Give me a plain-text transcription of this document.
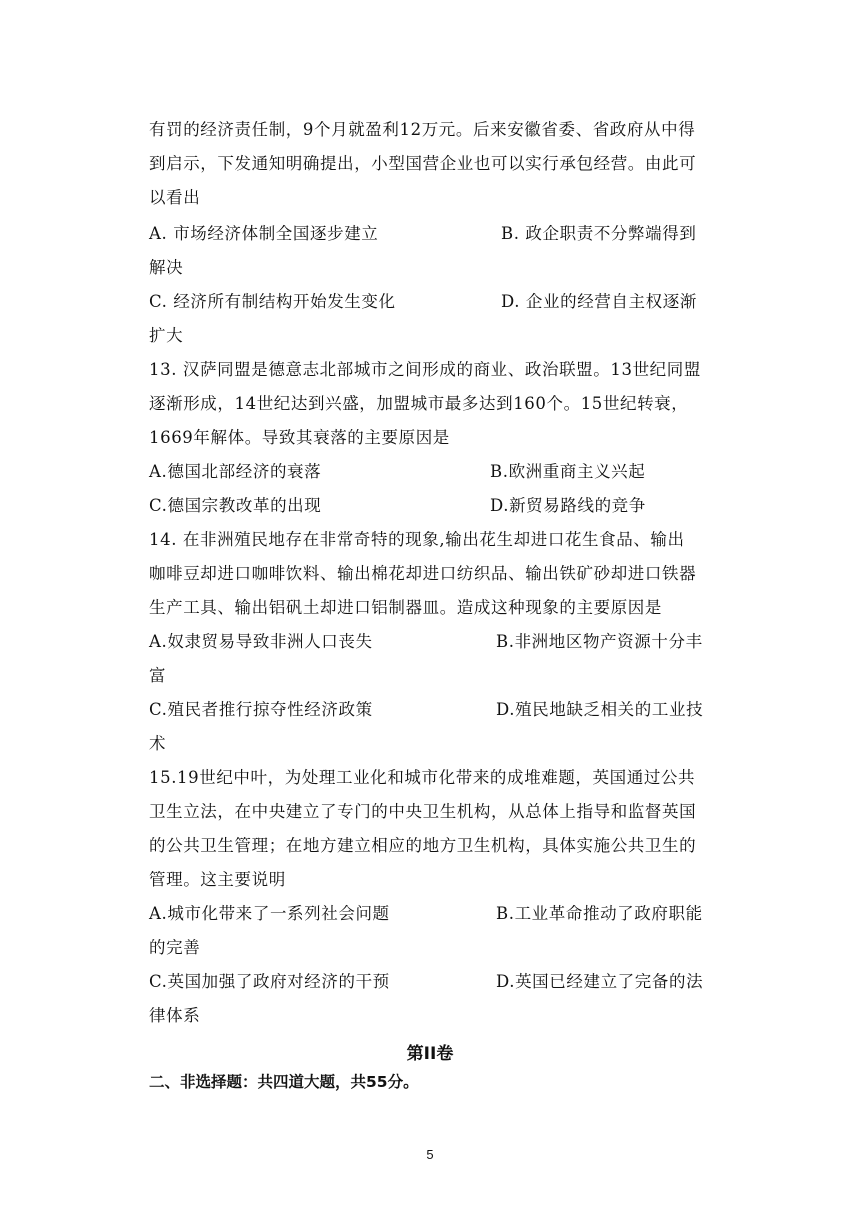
有罚的经济责任制，9个月就盈利12万元。后来安徽省委、省政府从中得
到启示，下发通知明确提出，小型国营企业也可以实行承包经营。由此可
以看出
A. 市场经济体制全国逐步建立	B. 政企职责不分弊端得到
解决
C. 经济所有制结构开始发生变化	D. 企业的经营自主权逐渐
扩大
13. 汉萨同盟是德意志北部城市之间形成的商业、政治联盟。13世纪同盟
逐渐形成，14世纪达到兴盛，加盟城市最多达到160个。15世纪转衰，
1669年解体。导致其衰落的主要原因是
A.德国北部经济的衰落	B.欧洲重商主义兴起
C.德国宗教改革的出现	D.新贸易路线的竞争
14. 在非洲殖民地存在非常奇特的现象,输出花生却进口花生食品、输出
咖啡豆却进口咖啡饮料、输出棉花却进口纺织品、输出铁矿砂却进口铁器
生产工具、输出铝矾土却进口铝制器皿。造成这种现象的主要原因是
A.奴隶贸易导致非洲人口丧失	B.非洲地区物产资源十分丰
富
C.殖民者推行掠夺性经济政策	D.殖民地缺乏相关的工业技
术
15.19世纪中叶，为处理工业化和城市化带来的成堆难题，英国通过公共
卫生立法，在中央建立了专门的中央卫生机构，从总体上指导和监督英国
的公共卫生管理；在地方建立相应的地方卫生机构，具体实施公共卫生的
管理。这主要说明
A.城市化带来了一系列社会问题	B.工业革命推动了政府职能
的完善
C.英国加强了政府对经济的干预	D.英国已经建立了完备的法
律体系
第II卷
二、非选择题：共四道大题，共55分。
5
